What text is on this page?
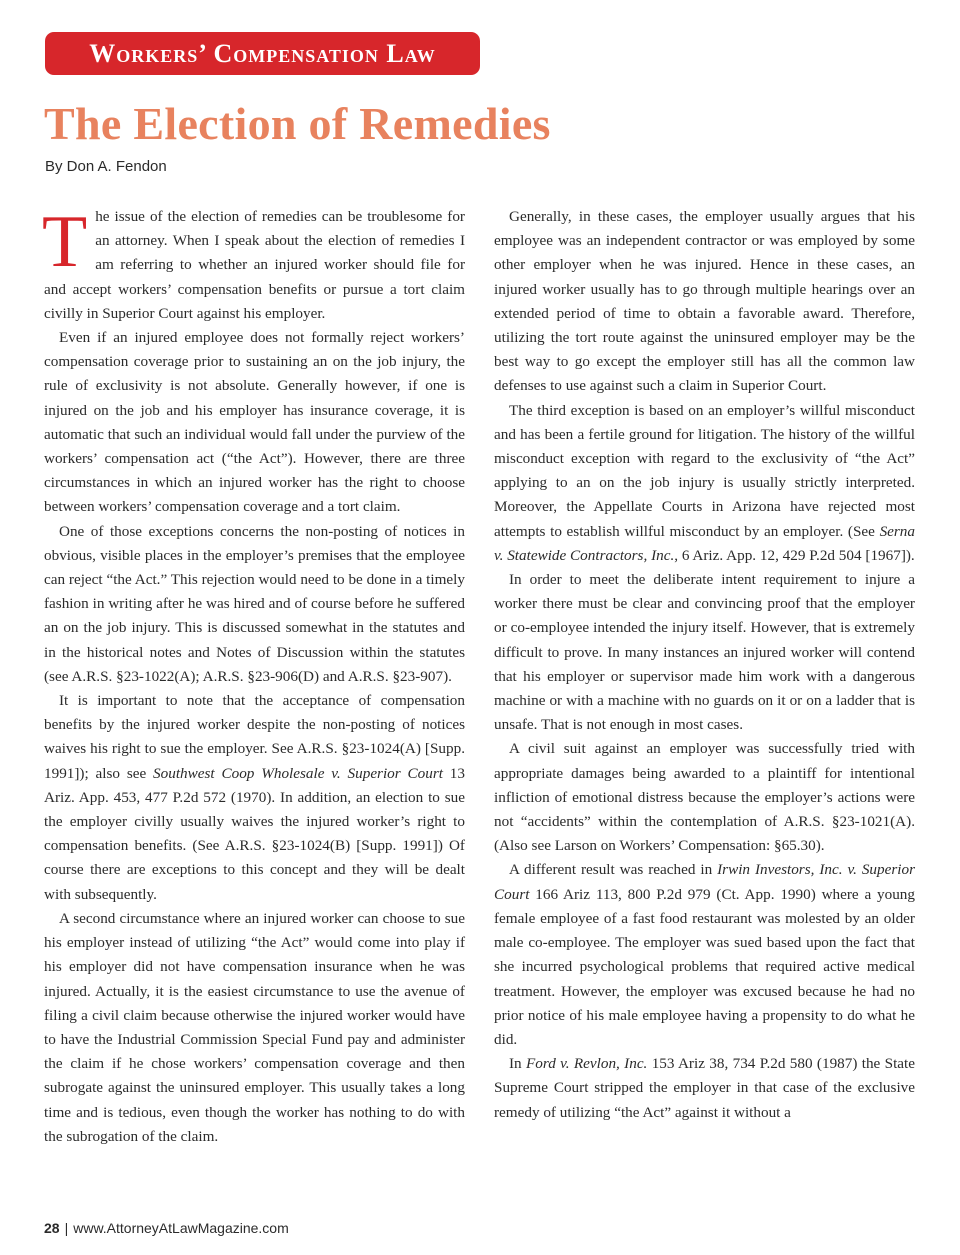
Workers’ Compensation Law
The Election of Remedies
By Don A. Fendon

The issue of the election of remedies can be troublesome for an attorney. When I speak about the election of remedies I am referring to whether an injured worker should file for and accept workers’ compensation benefits or pursue a tort claim civilly in Superior Court against his employer.

Even if an injured employee does not formally reject workers’ compensation coverage prior to sustaining an on the job injury, the rule of exclusivity is not absolute. Generally however, if one is injured on the job and his employer has insurance coverage, it is automatic that such an individual would fall under the purview of the workers’ compensation act (“the Act”). However, there are three circumstances in which an injured worker has the right to choose between workers’ compensation coverage and a tort claim.

One of those exceptions concerns the non-posting of notices in obvious, visible places in the employer’s premises that the employee can reject “the Act.” This rejection would need to be done in a timely fashion in writing after he was hired and of course before he suffered an on the job injury. This is discussed somewhat in the statutes and in the historical notes and Notes of Discussion within the statutes (see A.R.S. §23-1022(A); A.R.S. §23-906(D) and A.R.S. §23-907).

It is important to note that the acceptance of compensation benefits by the injured worker despite the non-posting of notices waives his right to sue the employer. See A.R.S. §23-1024(A) [Supp. 1991]); also see Southwest Coop Wholesale v. Superior Court 13 Ariz. App. 453, 477 P.2d 572 (1970). In addition, an election to sue the employer civilly usually waives the injured worker’s right to compensation benefits. (See A.R.S. §23-1024(B) [Supp. 1991]) Of course there are exceptions to this concept and they will be dealt with subsequently.

A second circumstance where an injured worker can choose to sue his employer instead of utilizing “the Act” would come into play if his employer did not have compensation insurance when he was injured. Actually, it is the easiest circumstance to use the avenue of filing a civil claim because otherwise the injured worker would have to have the Industrial Commission Special Fund pay and administer the claim if he chose workers’ compensation coverage and then subrogate against the uninsured employer. This usually takes a long time and is tedious, even though the worker has nothing to do with the subrogation of the claim.

Generally, in these cases, the employer usually argues that his employee was an independent contractor or was employed by some other employer when he was injured. Hence in these cases, an injured worker usually has to go through multiple hearings over an extended period of time to obtain a favorable award. Therefore, utilizing the tort route against the uninsured employer may be the best way to go except the employer still has all the common law defenses to use against such a claim in Superior Court.

The third exception is based on an employer’s willful misconduct and has been a fertile ground for litigation. The history of the willful misconduct exception with regard to the exclusivity of “the Act” applying to an on the job injury is usually strictly interpreted. Moreover, the Appellate Courts in Arizona have rejected most attempts to establish willful misconduct by an employer. (See Serna v. Statewide Contractors, Inc., 6 Ariz. App. 12, 429 P.2d 504 [1967]).

In order to meet the deliberate intent requirement to injure a worker there must be clear and convincing proof that the employer or co-employee intended the injury itself. However, that is extremely difficult to prove. In many instances an injured worker will contend that his employer or supervisor made him work with a dangerous machine or with a machine with no guards on it or on a ladder that is unsafe. That is not enough in most cases.

A civil suit against an employer was successfully tried with appropriate damages being awarded to a plaintiff for intentional infliction of emotional distress because the employer’s actions were not “accidents” within the contemplation of A.R.S. §23-1021(A). (Also see Larson on Workers’ Compensation: §65.30).

A different result was reached in Irwin Investors, Inc. v. Superior Court 166 Ariz 113, 800 P.2d 979 (Ct. App. 1990) where a young female employee of a fast food restaurant was molested by an older male co-employee. The employer was sued based upon the fact that she incurred psychological problems that required active medical treatment. However, the employer was excused because he had no prior notice of his male employee having a propensity to do what he did.

In Ford v. Revlon, Inc. 153 Ariz 38, 734 P.2d 580 (1987) the State Supreme Court stripped the employer in that case of the exclusive remedy of utilizing “the Act” against it without a

28 | www.AttorneyAtLawMagazine.com
